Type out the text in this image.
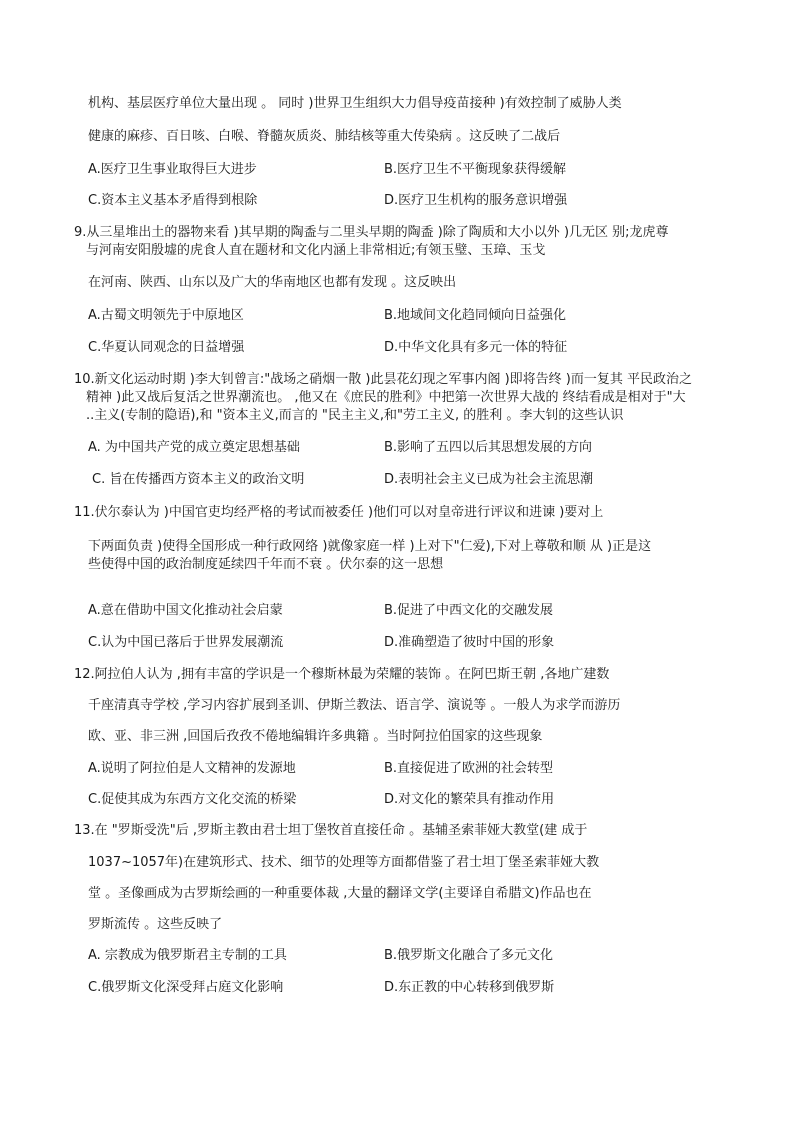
机构、基层医疗单位大量出现 。 同时 )世界卫生组织大力倡导疫苗接种 )有效控制了威胁人类
健康的麻疹、百日咳、白喉、脊髓灰质炎、肺结核等重大传染病 。这反映了二战后
A.医疗卫生事业取得巨大进步	B.医疗卫生不平衡现象获得缓解
C.资本主义基本矛盾得到根除	D.医疗卫生机构的服务意识增强
9.从三星堆出土的器物来看 )其早期的陶盉与二里头早期的陶盉 )除了陶质和大小以外 )几无区 别;龙虎尊
与河南安阳殷墟的虎食人直在题材和文化内涵上非常相近;有领玉璧、玉璋、玉戈
在河南、陕西、山东以及广大的华南地区也都有发现 。这反映出
A.古蜀文明领先于中原地区	B.地域间文化趋同倾向日益强化
C.华夏认同观念的日益增强	D.中华文化具有多元一体的特征
10.新文化运动时期 )李大钊曾言:"战场之硝烟一散 )此昙花幻现之军事内阁 )即将告终 )而一复其 平民政治之
精神 )此又战后复活之世界潮流也。 ,他又在《庶民的胜利》中把第一次世界大战的 终结看成是相对于"大
..主义(专制的隐语),和 "资本主义,而言的 "民主主义,和"劳工主义, 的胜利 。李大钊的这些认识
A. 为中国共产党的成立奠定思想基础	B.影响了五四以后其思想发展的方向
C. 旨在传播西方资本主义的政治文明	D.表明社会主义已成为社会主流思潮
11.伏尔泰认为 )中国官吏均经严格的考试而被委任 )他们可以对皇帝进行评议和进谏 )要对上
下两面负责 )使得全国形成一种行政网络 )就像家庭一样 )上对下"仁爱),下对上尊敬和顺 从 )正是这
些使得中国的政治制度延续四千年而不衰 。伏尔泰的这一思想
A.意在借助中国文化推动社会启蒙	B.促进了中西文化的交融发展
C.认为中国已落后于世界发展潮流	D.准确塑造了彼时中国的形象
12.阿拉伯人认为 ,拥有丰富的学识是一个穆斯林最为荣耀的装饰 。在阿巴斯王朝 ,各地广建数
千座清真寺学校 ,学习内容扩展到圣训、伊斯兰教法、语言学、演说等 。一般人为求学而游历
欧、亚、非三洲 ,回国后孜孜不倦地编辑许多典籍 。当时阿拉伯国家的这些现象
A.说明了阿拉伯是人文精神的发源地	B.直接促进了欧洲的社会转型
C.促使其成为东西方文化交流的桥梁	D.对文化的繁荣具有推动作用
13.在 "罗斯受洗"后 ,罗斯主教由君士坦丁堡牧首直接任命 。基辅圣索菲娅大教堂(建 成于
1037~1057年)在建筑形式、技术、细节的处理等方面都借鉴了君士坦丁堡圣索菲娅大教
堂 。圣像画成为古罗斯绘画的一种重要体裁 ,大量的翻译文学(主要译自希腊文)作品也在
罗斯流传 。这些反映了
A. 宗教成为俄罗斯君主专制的工具	B.俄罗斯文化融合了多元文化
C.俄罗斯文化深受拜占庭文化影响	D.东正教的中心转移到俄罗斯
